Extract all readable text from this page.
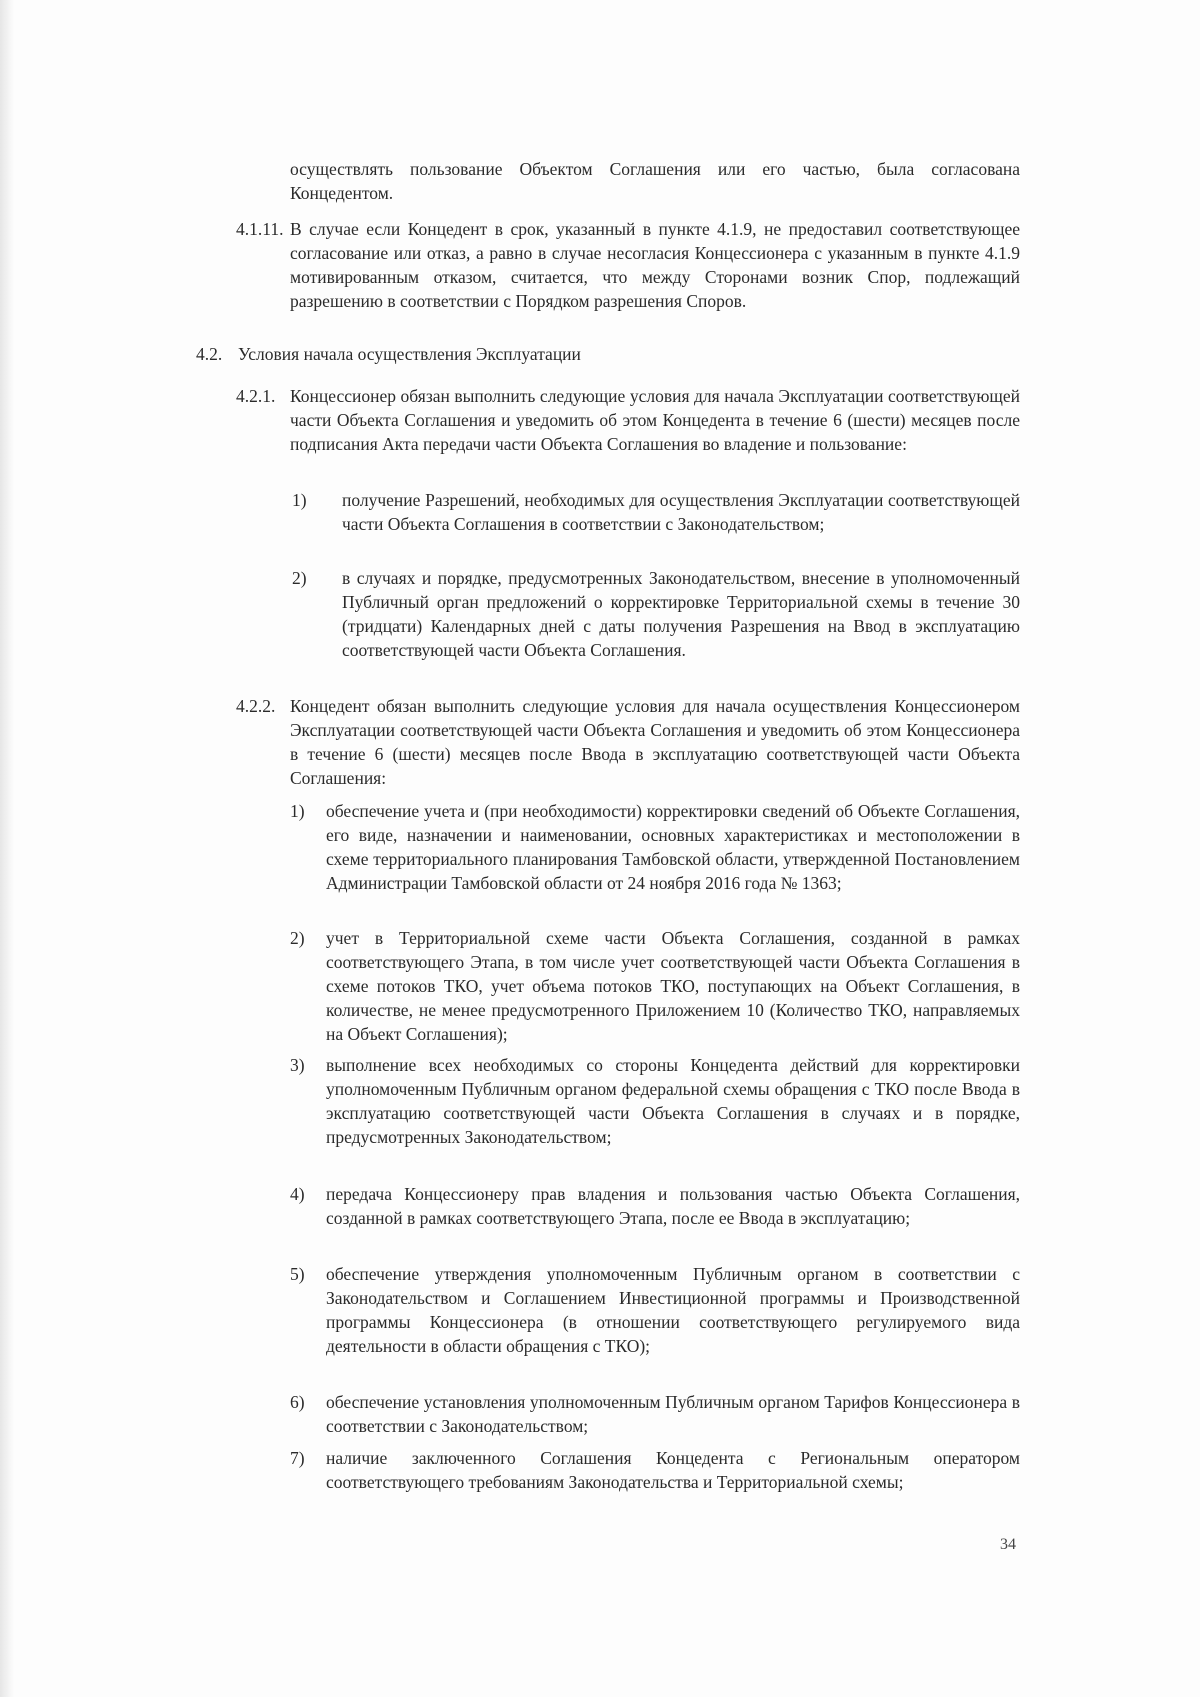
осуществлять пользование Объектом Соглашения или его частью, была согласована Концедентом.
4.1.11. В случае если Концедент в срок, указанный в пункте 4.1.9, не предоставил соответствующее согласование или отказ, а равно в случае несогласия Концессионера с указанным в пункте 4.1.9 мотивированным отказом, считается, что между Сторонами возник Спор, подлежащий разрешению в соответствии с Порядком разрешения Споров.
4.2. Условия начала осуществления Эксплуатации
4.2.1. Концессионер обязан выполнить следующие условия для начала Эксплуатации соответствующей части Объекта Соглашения и уведомить об этом Концедента в течение 6 (шести) месяцев после подписания Акта передачи части Объекта Соглашения во владение и пользование:
1) получение Разрешений, необходимых для осуществления Эксплуатации соответствующей части Объекта Соглашения в соответствии с Законодательством;
2) в случаях и порядке, предусмотренных Законодательством, внесение в уполномоченный Публичный орган предложений о корректировке Территориальной схемы в течение 30 (тридцати) Календарных дней с даты получения Разрешения на Ввод в эксплуатацию соответствующей части Объекта Соглашения.
4.2.2. Концедент обязан выполнить следующие условия для начала осуществления Концессионером Эксплуатации соответствующей части Объекта Соглашения и уведомить об этом Концессионера в течение 6 (шести) месяцев после Ввода в эксплуатацию соответствующей части Объекта Соглашения:
1) обеспечение учета и (при необходимости) корректировки сведений об Объекте Соглашения, его виде, назначении и наименовании, основных характеристиках и местоположении в схеме территориального планирования Тамбовской области, утвержденной Постановлением Администрации Тамбовской области от 24 ноября 2016 года № 1363;
2) учет в Территориальной схеме части Объекта Соглашения, созданной в рамках соответствующего Этапа, в том числе учет соответствующей части Объекта Соглашения в схеме потоков ТКО, учет объема потоков ТКО, поступающих на Объект Соглашения, в количестве, не менее предусмотренного Приложением 10 (Количество ТКО, направляемых на Объект Соглашения);
3) выполнение всех необходимых со стороны Концедента действий для корректировки уполномоченным Публичным органом федеральной схемы обращения с ТКО после Ввода в эксплуатацию соответствующей части Объекта Соглашения в случаях и в порядке, предусмотренных Законодательством;
4) передача Концессионеру прав владения и пользования частью Объекта Соглашения, созданной в рамках соответствующего Этапа, после ее Ввода в эксплуатацию;
5) обеспечение утверждения уполномоченным Публичным органом в соответствии с Законодательством и Соглашением Инвестиционной программы и Производственной программы Концессионера (в отношении соответствующего регулируемого вида деятельности в области обращения с ТКО);
6) обеспечение установления уполномоченным Публичным органом Тарифов Концессионера в соответствии с Законодательством;
7) наличие заключенного Соглашения Концедента с Региональным оператором соответствующего требованиям Законодательства и Территориальной схемы;
34
